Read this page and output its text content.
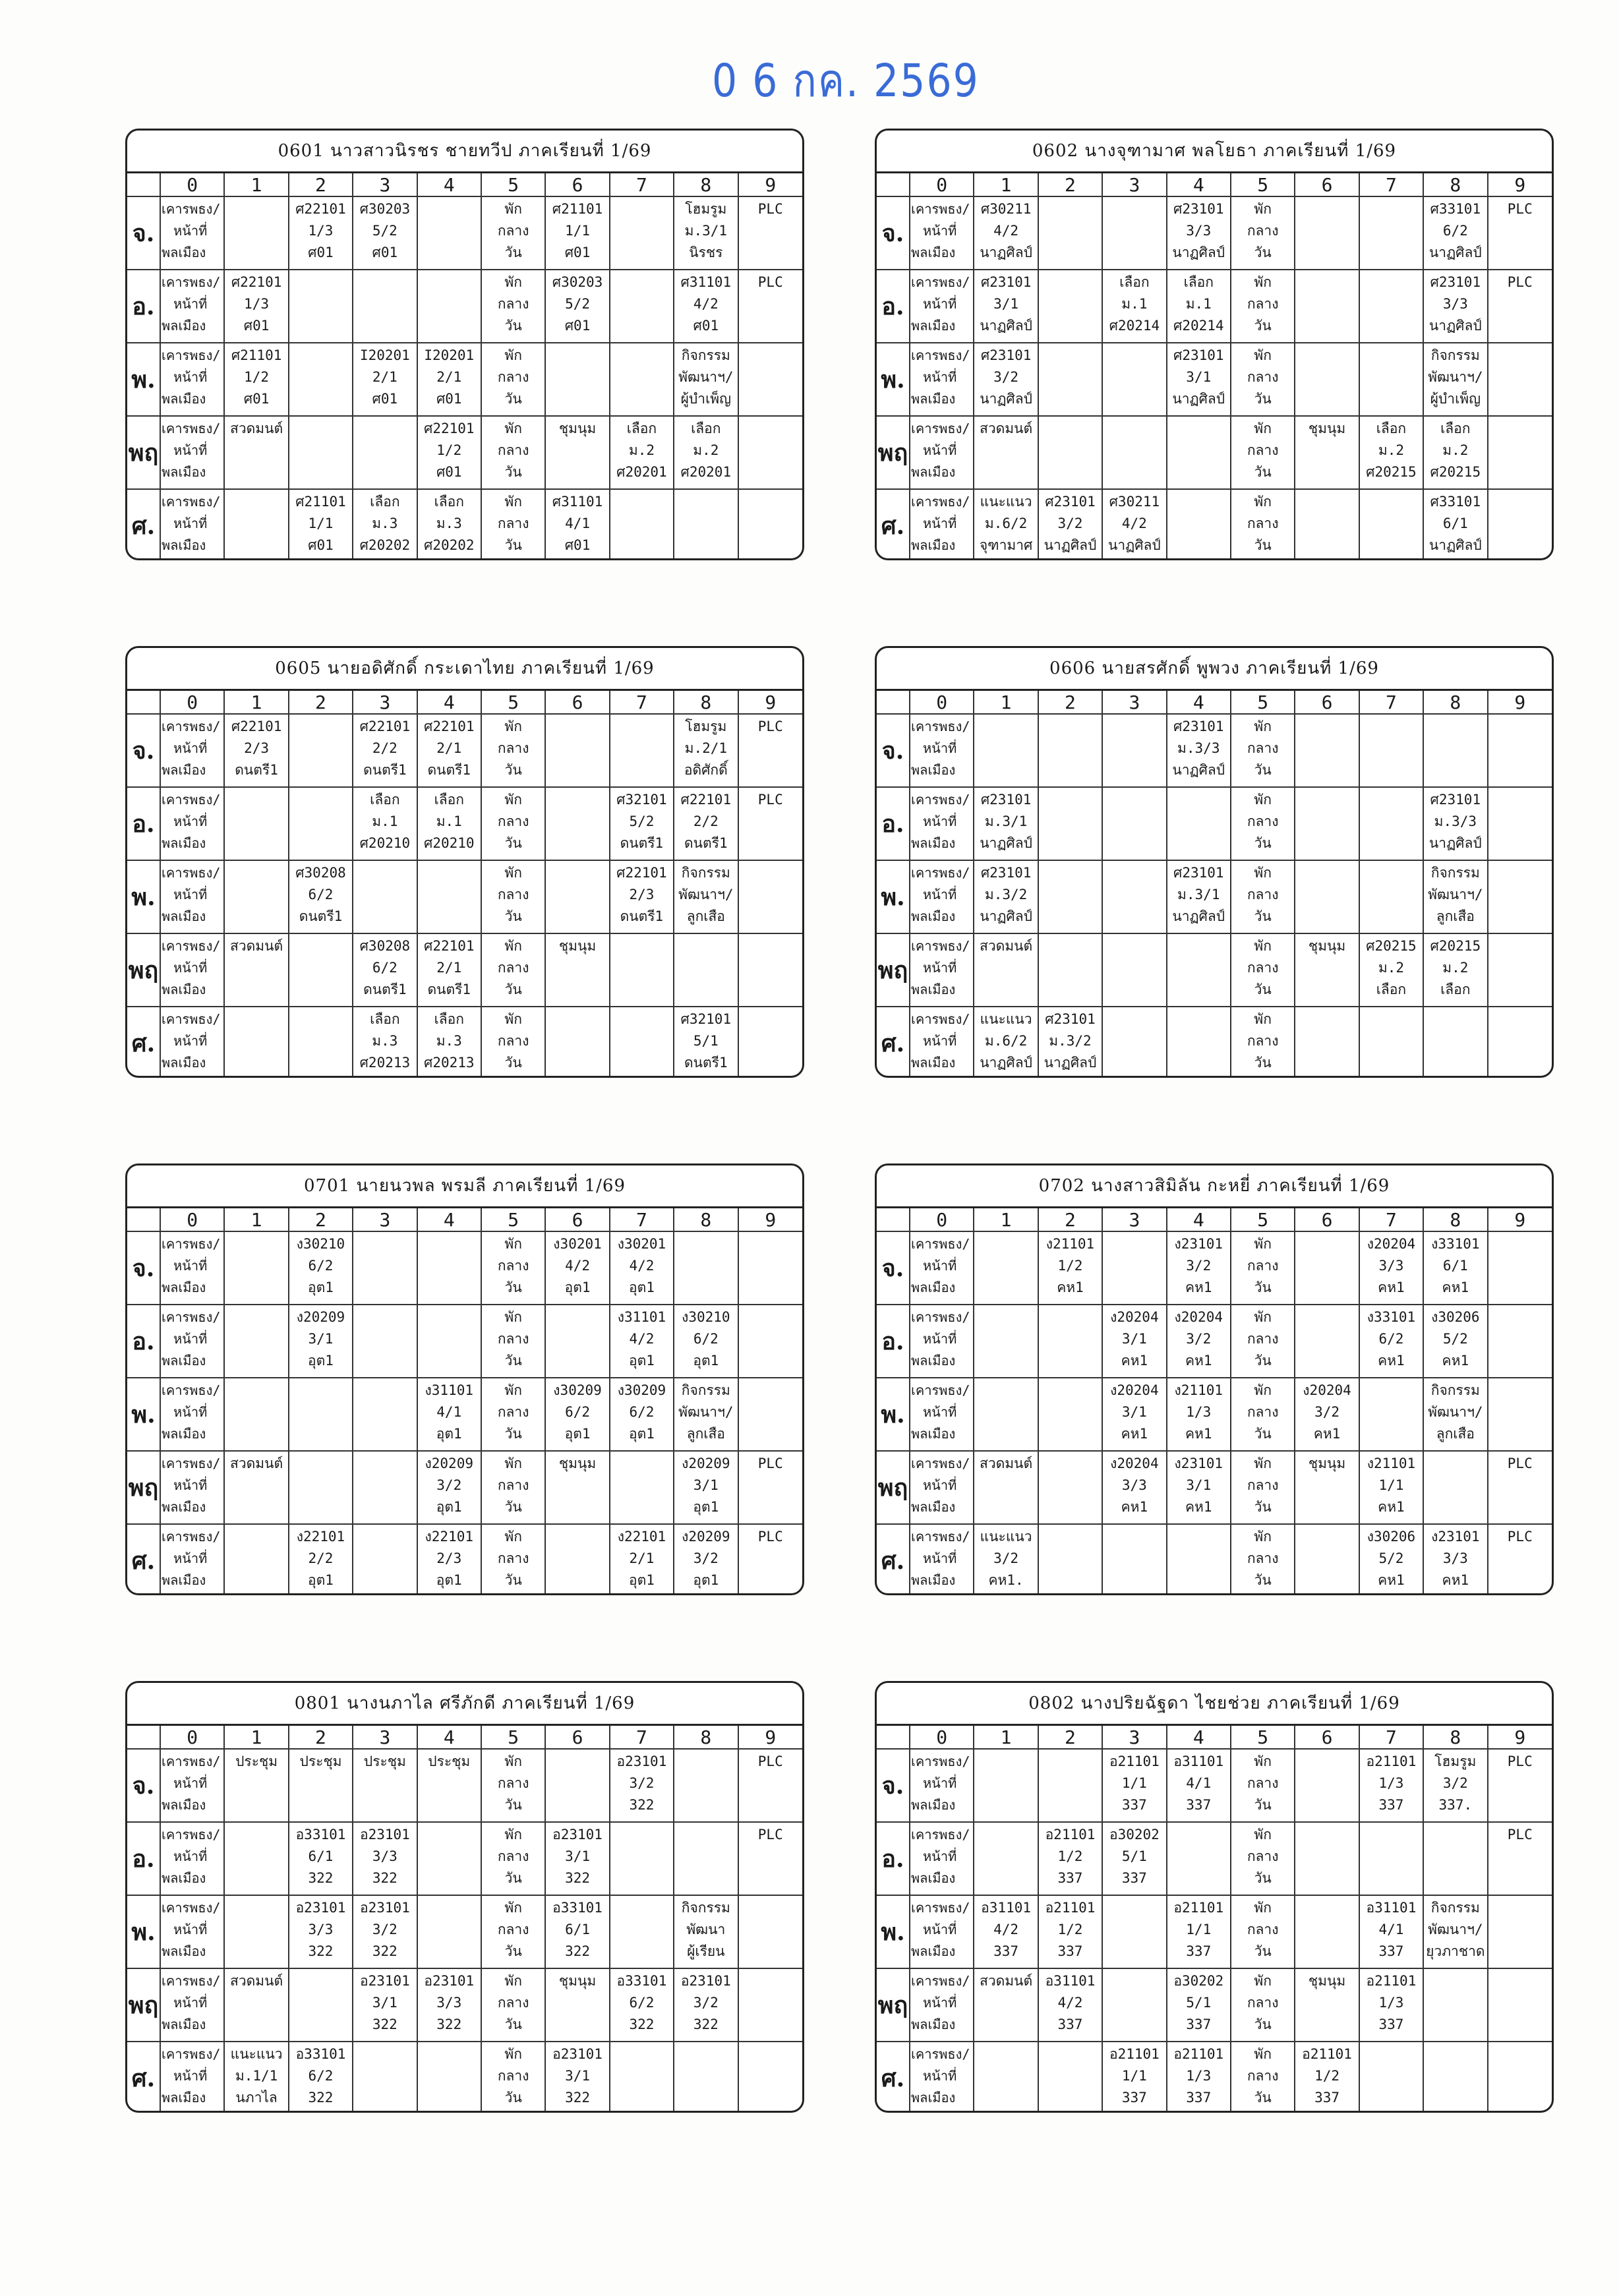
0 6 กค. 2569
0601 นาวสาวนิรชร ชายทวีป ภาคเรียนที่ 1/69
	0	1	2	3	4	5	6	7	8	9
จ.	เคารพธง/
หน้าที่
พลเมือง		ศ22101
1/3
ศ01	ศ30203
5/2
ศ01		พัก
กลาง
วัน	ศ21101
1/1
ศ01		โฮมรูม
ม.3/1
นิรชร	PLC

อ.	เคารพธง/
หน้าที่
พลเมือง	ศ22101
1/3
ศ01				พัก
กลาง
วัน	ศ30203
5/2
ศ01		ศ31101
4/2
ศ01	PLC

พ.	เคารพธง/
หน้าที่
พลเมือง	ศ21101
1/2
ศ01		I20201
2/1
ศ01	I20201
2/1
ศ01	พัก
กลาง
วัน			กิจกรรม
พัฒนาฯ/
ผู้บำเพ็ญ	

พฤ	เคารพธง/
หน้าที่
พลเมือง	สวดมนต์			ศ22101
1/2
ศ01	พัก
กลาง
วัน	ชุมนุม	เลือก
ม.2
ศ20201	เลือก
ม.2
ศ20201	

ศ.	เคารพธง/
หน้าที่
พลเมือง		ศ21101
1/1
ศ01	เลือก
ม.3
ศ20202	เลือก
ม.3
ศ20202	พัก
กลาง
วัน	ศ31101
4/1
ศ01			

0602 นางจุฑามาศ พลโยธา ภาคเรียนที่ 1/69
	0	1	2	3	4	5	6	7	8	9
จ.	เคารพธง/
หน้าที่
พลเมือง	ศ30211
4/2
นาฏศิลป์			ศ23101
3/3
นาฏศิลป์	พัก
กลาง
วัน			ศ33101
6/2
นาฏศิลป์	PLC

อ.	เคารพธง/
หน้าที่
พลเมือง	ศ23101
3/1
นาฏศิลป์		เลือก
ม.1
ศ20214	เลือก
ม.1
ศ20214	พัก
กลาง
วัน			ศ23101
3/3
นาฏศิลป์	PLC

พ.	เคารพธง/
หน้าที่
พลเมือง	ศ23101
3/2
นาฏศิลป์			ศ23101
3/1
นาฏศิลป์	พัก
กลาง
วัน			กิจกรรม
พัฒนาฯ/
ผู้บำเพ็ญ	

พฤ	เคารพธง/
หน้าที่
พลเมือง	สวดมนต์				พัก
กลาง
วัน	ชุมนุม	เลือก
ม.2
ศ20215	เลือก
ม.2
ศ20215	

ศ.	เคารพธง/
หน้าที่
พลเมือง	แนะแนว
ม.6/2
จุฑามาศ	ศ23101
3/2
นาฏศิลป์	ศ30211
4/2
นาฏศิลป์		พัก
กลาง
วัน			ศ33101
6/1
นาฏศิลป์	

0605 นายอดิศักดิ์ กระเดาไทย ภาคเรียนที่ 1/69
	0	1	2	3	4	5	6	7	8	9
จ.	เคารพธง/
หน้าที่
พลเมือง	ศ22101
2/3
ดนตรี1		ศ22101
2/2
ดนตรี1	ศ22101
2/1
ดนตรี1	พัก
กลาง
วัน			โฮมรูม
ม.2/1
อดิศักดิ์	PLC

อ.	เคารพธง/
หน้าที่
พลเมือง			เลือก
ม.1
ศ20210	เลือก
ม.1
ศ20210	พัก
กลาง
วัน		ศ32101
5/2
ดนตรี1	ศ22101
2/2
ดนตรี1	PLC

พ.	เคารพธง/
หน้าที่
พลเมือง		ศ30208
6/2
ดนตรี1			พัก
กลาง
วัน		ศ22101
2/3
ดนตรี1	กิจกรรม
พัฒนาฯ/
ลูกเสือ	

พฤ	เคารพธง/
หน้าที่
พลเมือง	สวดมนต์		ศ30208
6/2
ดนตรี1	ศ22101
2/1
ดนตรี1	พัก
กลาง
วัน	ชุมนุม			

ศ.	เคารพธง/
หน้าที่
พลเมือง			เลือก
ม.3
ศ20213	เลือก
ม.3
ศ20213	พัก
กลาง
วัน			ศ32101
5/1
ดนตรี1	

0606 นายสรศักดิ์ พูพวง ภาคเรียนที่ 1/69
	0	1	2	3	4	5	6	7	8	9
จ.	เคารพธง/
หน้าที่
พลเมือง				ศ23101
ม.3/3
นาฏศิลป์	พัก
กลาง
วัน				

อ.	เคารพธง/
หน้าที่
พลเมือง	ศ23101
ม.3/1
นาฏศิลป์				พัก
กลาง
วัน			ศ23101
ม.3/3
นาฏศิลป์	

พ.	เคารพธง/
หน้าที่
พลเมือง	ศ23101
ม.3/2
นาฏศิลป์			ศ23101
ม.3/1
นาฏศิลป์	พัก
กลาง
วัน			กิจกรรม
พัฒนาฯ/
ลูกเสือ	

พฤ	เคารพธง/
หน้าที่
พลเมือง	สวดมนต์				พัก
กลาง
วัน	ชุมนุม	ศ20215
ม.2
เลือก	ศ20215
ม.2
เลือก	

ศ.	เคารพธง/
หน้าที่
พลเมือง	แนะแนว
ม.6/2
นาฏศิลป์	ศ23101
ม.3/2
นาฏศิลป์			พัก
กลาง
วัน				

0701 นายนวพล พรมลี ภาคเรียนที่ 1/69
	0	1	2	3	4	5	6	7	8	9
จ.	เคารพธง/
หน้าที่
พลเมือง		ง30210
6/2
อุต1			พัก
กลาง
วัน	ง30201
4/2
อุต1	ง30201
4/2
อุต1		

อ.	เคารพธง/
หน้าที่
พลเมือง		ง20209
3/1
อุต1			พัก
กลาง
วัน		ง31101
4/2
อุต1	ง30210
6/2
อุต1	

พ.	เคารพธง/
หน้าที่
พลเมือง				ง31101
4/1
อุต1	พัก
กลาง
วัน	ง30209
6/2
อุต1	ง30209
6/2
อุต1	กิจกรรม
พัฒนาฯ/
ลูกเสือ	

พฤ	เคารพธง/
หน้าที่
พลเมือง	สวดมนต์			ง20209
3/2
อุต1	พัก
กลาง
วัน	ชุมนุม		ง20209
3/1
อุต1	PLC

ศ.	เคารพธง/
หน้าที่
พลเมือง		ง22101
2/2
อุต1		ง22101
2/3
อุต1	พัก
กลาง
วัน		ง22101
2/1
อุต1	ง20209
3/2
อุต1	PLC
0702 นางสาวสิมิลัน กะหยี่ ภาคเรียนที่ 1/69
	0	1	2	3	4	5	6	7	8	9
จ.	เคารพธง/
หน้าที่
พลเมือง		ง21101
1/2
คห1		ง23101
3/2
คห1	พัก
กลาง
วัน		ง20204
3/3
คห1	ง33101
6/1
คห1	

อ.	เคารพธง/
หน้าที่
พลเมือง			ง20204
3/1
คห1	ง20204
3/2
คห1	พัก
กลาง
วัน		ง33101
6/2
คห1	ง30206
5/2
คห1	

พ.	เคารพธง/
หน้าที่
พลเมือง			ง20204
3/1
คห1	ง21101
1/3
คห1	พัก
กลาง
วัน	ง20204
3/2
คห1		กิจกรรม
พัฒนาฯ/
ลูกเสือ	

พฤ	เคารพธง/
หน้าที่
พลเมือง	สวดมนต์		ง20204
3/3
คห1	ง23101
3/1
คห1	พัก
กลาง
วัน	ชุมนุม	ง21101
1/1
คห1		PLC

ศ.	เคารพธง/
หน้าที่
พลเมือง	แนะแนว
3/2
คห1.				พัก
กลาง
วัน		ง30206
5/2
คห1	ง23101
3/3
คห1	PLC
0801 นางนภาไล ศรีภักดี ภาคเรียนที่ 1/69
	0	1	2	3	4	5	6	7	8	9
จ.	เคารพธง/
หน้าที่
พลเมือง	ประชุม	ประชุม	ประชุม	ประชุม	พัก
กลาง
วัน		อ23101
3/2
322		PLC

อ.	เคารพธง/
หน้าที่
พลเมือง		อ33101
6/1
322	อ23101
3/3
322		พัก
กลาง
วัน	อ23101
3/1
322			PLC

พ.	เคารพธง/
หน้าที่
พลเมือง		อ23101
3/3
322	อ23101
3/2
322		พัก
กลาง
วัน	อ33101
6/1
322		กิจกรรม
พัฒนา
ผู้เรียน	

พฤ	เคารพธง/
หน้าที่
พลเมือง	สวดมนต์		อ23101
3/1
322	อ23101
3/3
322	พัก
กลาง
วัน	ชุมนุม	อ33101
6/2
322	อ23101
3/2
322	

ศ.	เคารพธง/
หน้าที่
พลเมือง	แนะแนว
ม.1/1
นภาไล	อ33101
6/2
322			พัก
กลาง
วัน	อ23101
3/1
322			

0802 นางปริยฉัฐดา ไชยช่วย ภาคเรียนที่ 1/69
	0	1	2	3	4	5	6	7	8	9
จ.	เคารพธง/
หน้าที่
พลเมือง			อ21101
1/1
337	อ31101
4/1
337	พัก
กลาง
วัน		อ21101
1/3
337	โฮมรูม
3/2
337.	PLC

อ.	เคารพธง/
หน้าที่
พลเมือง		อ21101
1/2
337	อ30202
5/1
337		พัก
กลาง
วัน				PLC

พ.	เคารพธง/
หน้าที่
พลเมือง	อ31101
4/2
337	อ21101
1/2
337		อ21101
1/1
337	พัก
กลาง
วัน		อ31101
4/1
337	กิจกรรม
พัฒนาฯ/
ยุวภาชาด	

พฤ	เคารพธง/
หน้าที่
พลเมือง	สวดมนต์	อ31101
4/2
337		อ30202
5/1
337	พัก
กลาง
วัน	ชุมนุม	อ21101
1/3
337		

ศ.	เคารพธง/
หน้าที่
พลเมือง			อ21101
1/1
337	อ21101
1/3
337	พัก
กลาง
วัน	อ21101
1/2
337			
